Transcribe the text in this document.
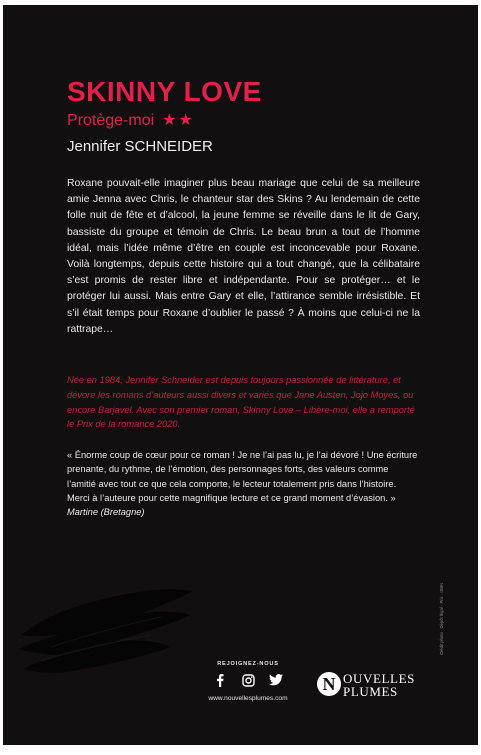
SKINNY LOVE
Protège-moi ★★
Jennifer SCHNEIDER

Roxane pouvait-elle imaginer plus beau mariage que celui de sa meilleure amie Jenna avec Chris, le chanteur star des Skins ? Au lendemain de cette folle nuit de fête et d’alcool, la jeune femme se réveille dans le lit de Gary, bassiste du groupe et témoin de Chris. Le beau brun a tout de l’homme idéal, mais l’idée même d’être en couple est inconcevable pour Roxane. Voilà longtemps, depuis cette histoire qui a tout changé, que la célibataire s’est promis de rester libre et indépendante. Pour se protéger… et le protéger lui aussi. Mais entre Gary et elle, l’attirance semble irrésistible. Et s’il était temps pour Roxane d’oublier le passé ? À moins que celui-ci ne la rattrape…

Née en 1984, Jennifer Schneider est depuis toujours passionnée de littérature, et dévore les romans d’auteurs aussi divers et variés que Jane Austen, Jojo Moyes, ou encore Barjavel. Avec son premier roman, Skinny Love – Libère-moi, elle a remporté le Prix de la romance 2020.

« Énorme coup de cœur pour ce roman ! Je ne l’ai pas lu, je l’ai dévoré ! Une écriture prenante, du rythme, de l’émotion, des personnages forts, des valeurs comme l’amitié avec tout ce que cela comporte, le lecteur totalement pris dans l’histoire. Merci à l’auteure pour cette magnifique lecture et ce grand moment d’évasion. »
Martine (Bretagne)

Crédit photo · Dépôt légal · Prix · ISBN
REJOIGNEZ-NOUS
www.nouvellesplumes.com
N OUVELLES
PLUMES
